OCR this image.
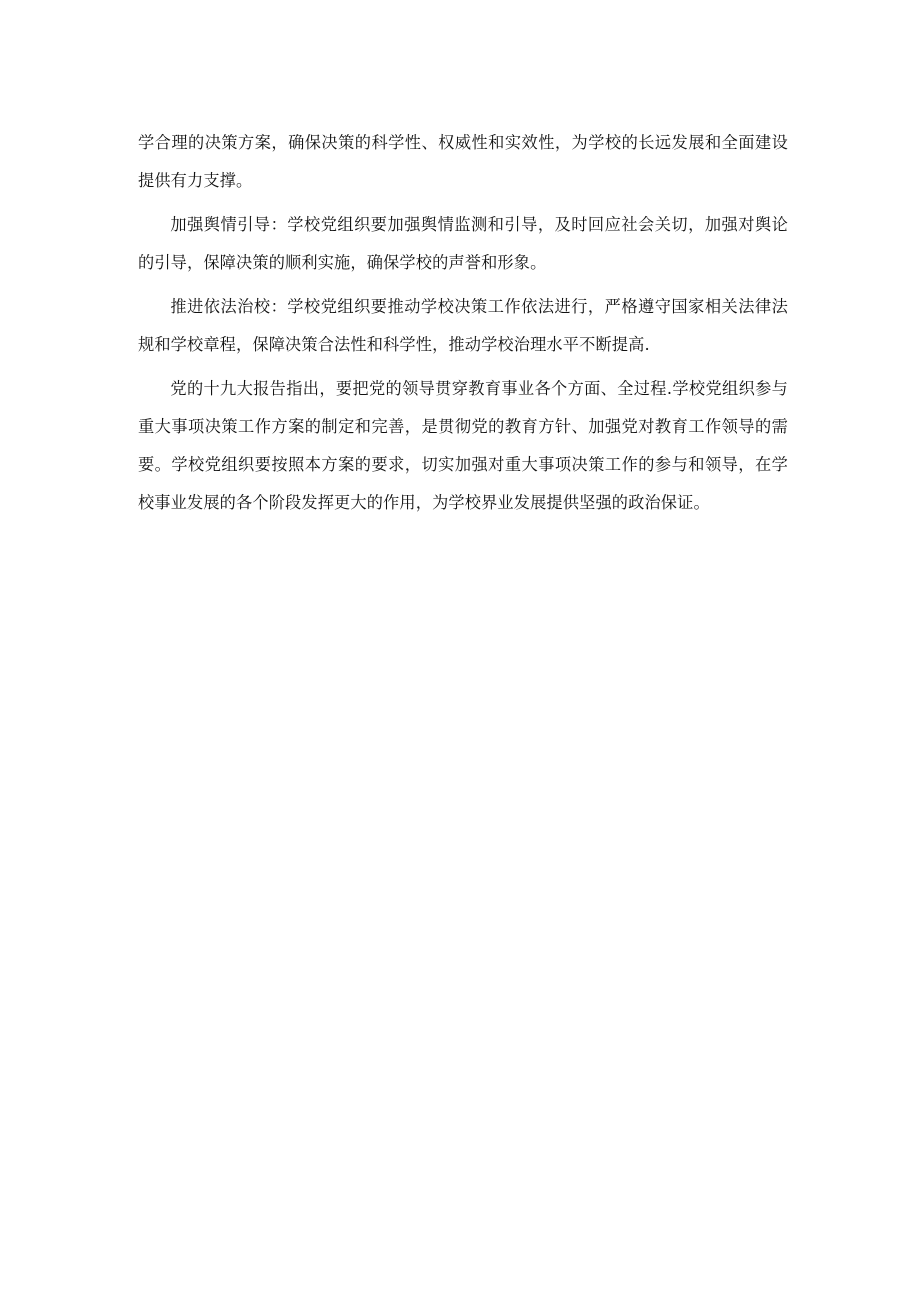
学合理的决策方案，确保决策的科学性、权威性和实效性，为学校的长远发展和全面建设提供有力支撑。

加强舆情引导：学校党组织要加强舆情监测和引导，及时回应社会关切，加强对舆论的引导，保障决策的顺利实施，确保学校的声誉和形象。

推进依法治校：学校党组织要推动学校决策工作依法进行，严格遵守国家相关法律法规和学校章程，保障决策合法性和科学性，推动学校治理水平不断提高.

党的十九大报告指出，要把党的领导贯穿教育事业各个方面、全过程.学校党组织参与重大事项决策工作方案的制定和完善，是贯彻党的教育方针、加强党对教育工作领导的需要。学校党组织要按照本方案的要求，切实加强对重大事项决策工作的参与和领导，在学校事业发展的各个阶段发挥更大的作用，为学校界业发展提供坚强的政治保证。
